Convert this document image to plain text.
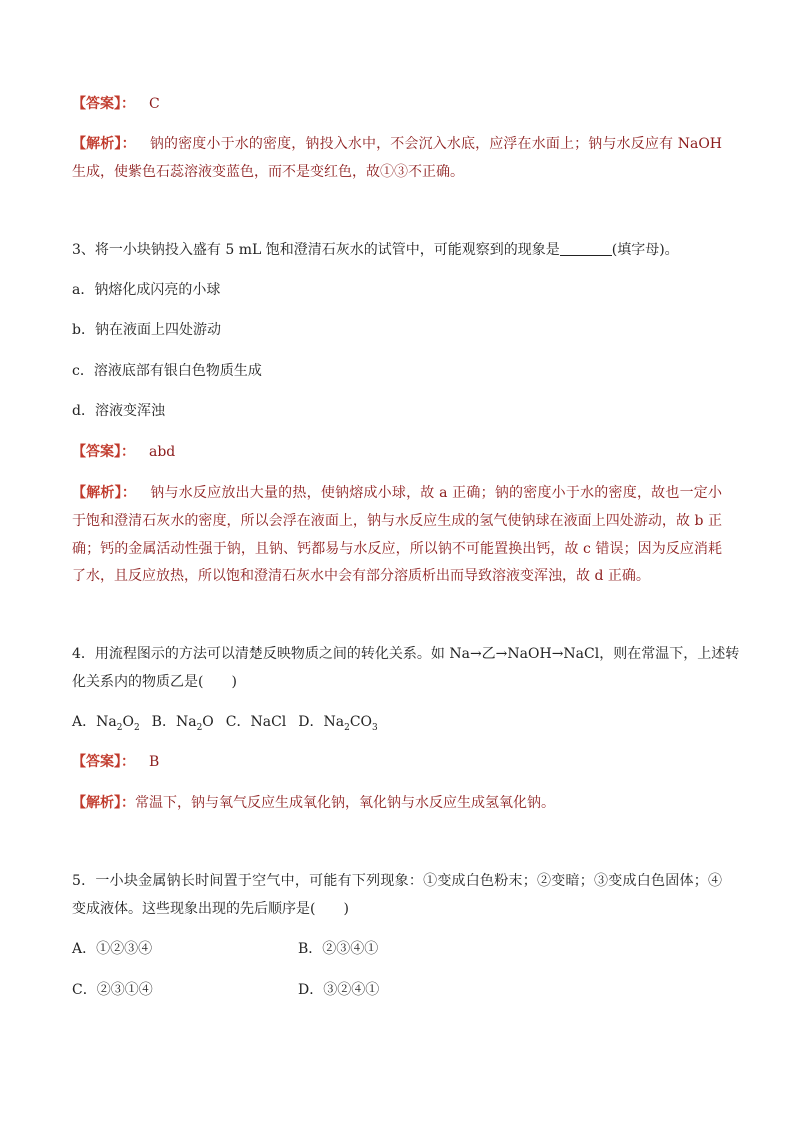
【答案】： C
【解析】： 钠的密度小于水的密度，钠投入水中，不会沉入水底，应浮在水面上；钠与水反应有 NaOH
生成，使紫色石蕊溶液变蓝色，而不是变红色，故①③不正确。
3、将一小块钠投入盛有 5 mL 饱和澄清石灰水的试管中，可能观察到的现象是	(填字母)。
a．钠熔化成闪亮的小球
b．钠在液面上四处游动
c．溶液底部有银白色物质生成
d．溶液变浑浊
【答案】： abd
【解析】： 钠与水反应放出大量的热，使钠熔成小球，故 a 正确；钠的密度小于水的密度，故也一定小
于饱和澄清石灰水的密度，所以会浮在液面上，钠与水反应生成的氢气使钠球在液面上四处游动，故 b 正
确；钙的金属活动性强于钠，且钠、钙都易与水反应，所以钠不可能置换出钙，故 c 错误；因为反应消耗
了水，且反应放热，所以饱和澄清石灰水中会有部分溶质析出而导致溶液变浑浊，故 d 正确。
4．用流程图示的方法可以清楚反映物质之间的转化关系。如 Na→乙→NaOH→NaCl，则在常温下，上述转
化关系内的物质乙是(　　)
A．$Na_2O_2$ B．$Na_2O$ C．NaCl D．$Na_2CO_3$
【答案】： B
【解析】：常温下，钠与氧气反应生成氧化钠，氧化钠与水反应生成氢氧化钠。
5．一小块金属钠长时间置于空气中，可能有下列现象：①变成白色粉末；②变暗；③变成白色固体；④
变成液体。这些现象出现的先后顺序是(　　)
A．①②③④	B．②③④①
C．②③①④	D．③②④①
